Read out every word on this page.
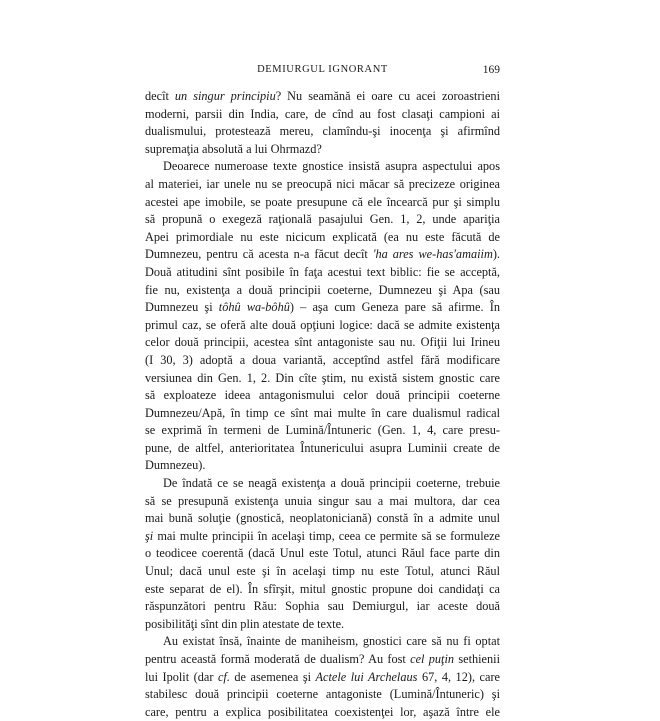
DEMIURGUL IGNORANT	169
decît un singur principiu? Nu seamănă ei oare cu acei zoroastrieni
moderni, parsii din India, care, de cînd au fost clasaţi campioni ai
dualismului, protestează mereu, clamîndu-şi inocenţa şi afirmînd
supremaţia absolută a lui Ohrmazd?
Deoarece numeroase texte gnostice insistă asupra aspectului apos
al materiei, iar unele nu se preocupă nici măcar să precizeze originea
acestei ape imobile, se poate presupune că ele încearcă pur şi simplu
să propună o exegeză raţională pasajului Gen. 1, 2, unde apariţia
Apei primordiale nu este nicicum explicată (ea nu este făcută de
Dumnezeu, pentru că acesta n-a făcut decît 'ha ares we-has'amaiim).
Două atitudini sînt posibile în faţa acestui text biblic: fie se acceptă,
fie nu, existenţa a două principii coeterne, Dumnezeu şi Apa (sau
Dumnezeu şi tôhû wa-bôhû) – aşa cum Geneza pare să afirme. În
primul caz, se oferă alte două opţiuni logice: dacă se admite existenţa
celor două principii, acestea sînt antagoniste sau nu. Ofiţii lui Irineu
(I 30, 3) adoptă a doua variantă, acceptînd astfel fără modificare
versiunea din Gen. 1, 2. Din cîte ştim, nu există sistem gnostic care
să exploateze ideea antagonismului celor două principii coeterne
Dumnezeu/Apă, în timp ce sînt mai multe în care dualismul radical
se exprimă în termeni de Lumină/Întuneric (Gen. 1, 4, care presu-
pune, de altfel, anterioritatea Întunericului asupra Luminii create de
Dumnezeu).
De îndată ce se neagă existenţa a două principii coeterne, trebuie
să se presupună existenţa unuia singur sau a mai multora, dar cea
mai bună soluţie (gnostică, neoplatoniciană) constă în a admite unul
şi mai multe principii în acelaşi timp, ceea ce permite să se formuleze
o teodicee coerentă (dacă Unul este Totul, atunci Răul face parte din
Unul; dacă unul este şi în acelaşi timp nu este Totul, atunci Răul
este separat de el). În sfîrşit, mitul gnostic propune doi candidaţi ca
răspunzători pentru Rău: Sophia sau Demiurgul, iar aceste două
posibilităţi sînt din plin atestate de texte.
Au existat însă, înainte de maniheism, gnostici care să nu fi optat
pentru această formă moderată de dualism? Au fost cel puţin sethienii
lui Ipolit (dar cf. de asemenea şi Actele lui Archelaus 67, 4, 12), care
stabilesc două principii coeterne antagoniste (Lumină/Întuneric) şi
care, pentru a explica posibilitatea coexistenţei lor, aşază între ele
